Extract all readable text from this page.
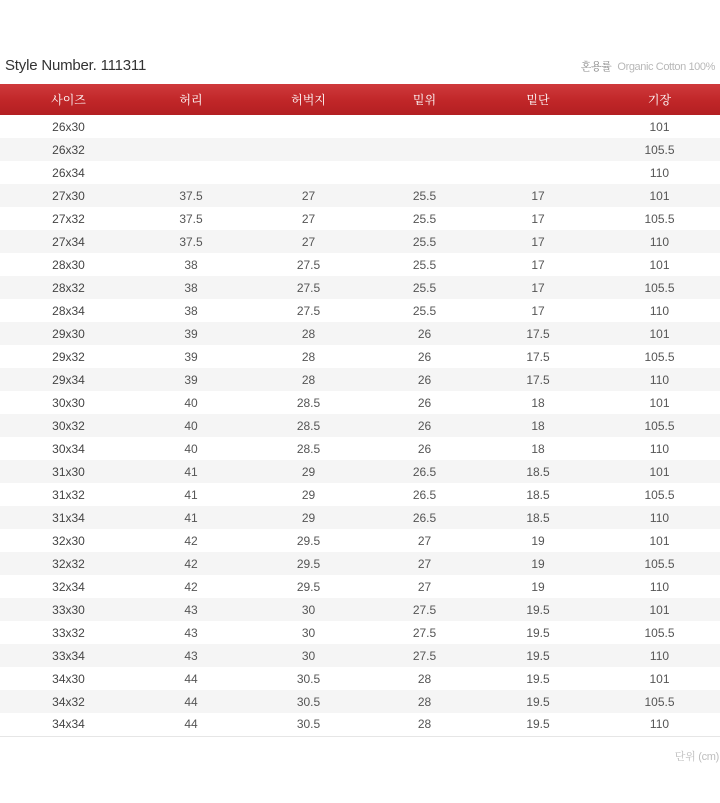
Style Number. 111311	혼용률 Organic Cotton 100%
사이즈	허리	허벅지	밑위	밑단	기장
26x30					101
26x32					105.5
26x34					110
27x30	37.5	27	25.5	17	101
27x32	37.5	27	25.5	17	105.5
27x34	37.5	27	25.5	17	110
28x30	38	27.5	25.5	17	101
28x32	38	27.5	25.5	17	105.5
28x34	38	27.5	25.5	17	110
29x30	39	28	26	17.5	101
29x32	39	28	26	17.5	105.5
29x34	39	28	26	17.5	110
30x30	40	28.5	26	18	101
30x32	40	28.5	26	18	105.5
30x34	40	28.5	26	18	110
31x30	41	29	26.5	18.5	101
31x32	41	29	26.5	18.5	105.5
31x34	41	29	26.5	18.5	110
32x30	42	29.5	27	19	101
32x32	42	29.5	27	19	105.5
32x34	42	29.5	27	19	110
33x30	43	30	27.5	19.5	101
33x32	43	30	27.5	19.5	105.5
33x34	43	30	27.5	19.5	110
34x30	44	30.5	28	19.5	101
34x32	44	30.5	28	19.5	105.5
34x34	44	30.5	28	19.5	110
단위 (cm)
